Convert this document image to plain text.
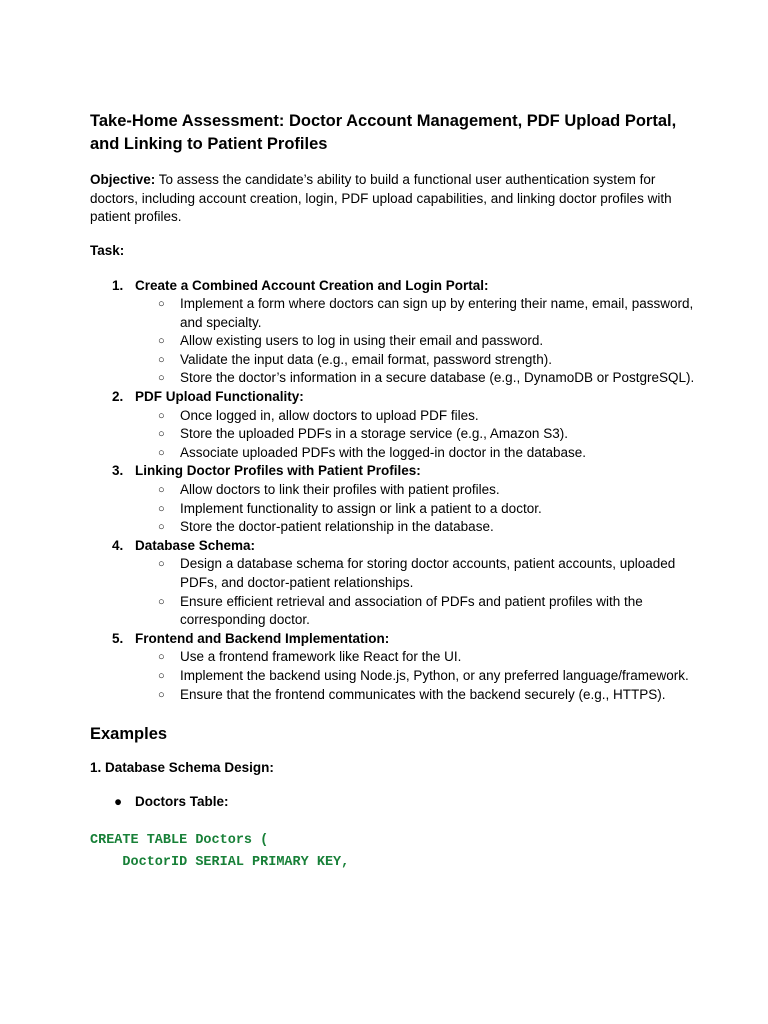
Take-Home Assessment: Doctor Account Management, PDF Upload Portal, and Linking to Patient Profiles
Objective: To assess the candidate’s ability to build a functional user authentication system for doctors, including account creation, login, PDF upload capabilities, and linking doctor profiles with patient profiles.
Task:
1. Create a Combined Account Creation and Login Portal:
○ Implement a form where doctors can sign up by entering their name, email, password, and specialty.
○ Allow existing users to log in using their email and password.
○ Validate the input data (e.g., email format, password strength).
○ Store the doctor’s information in a secure database (e.g., DynamoDB or PostgreSQL).
2. PDF Upload Functionality:
○ Once logged in, allow doctors to upload PDF files.
○ Store the uploaded PDFs in a storage service (e.g., Amazon S3).
○ Associate uploaded PDFs with the logged-in doctor in the database.
3. Linking Doctor Profiles with Patient Profiles:
○ Allow doctors to link their profiles with patient profiles.
○ Implement functionality to assign or link a patient to a doctor.
○ Store the doctor-patient relationship in the database.
4. Database Schema:
○ Design a database schema for storing doctor accounts, patient accounts, uploaded PDFs, and doctor-patient relationships.
○ Ensure efficient retrieval and association of PDFs and patient profiles with the corresponding doctor.
5. Frontend and Backend Implementation:
○ Use a frontend framework like React for the UI.
○ Implement the backend using Node.js, Python, or any preferred language/framework.
○ Ensure that the frontend communicates with the backend securely (e.g., HTTPS).
Examples
1. Database Schema Design:
● Doctors Table:
CREATE TABLE Doctors (
DoctorID SERIAL PRIMARY KEY,
